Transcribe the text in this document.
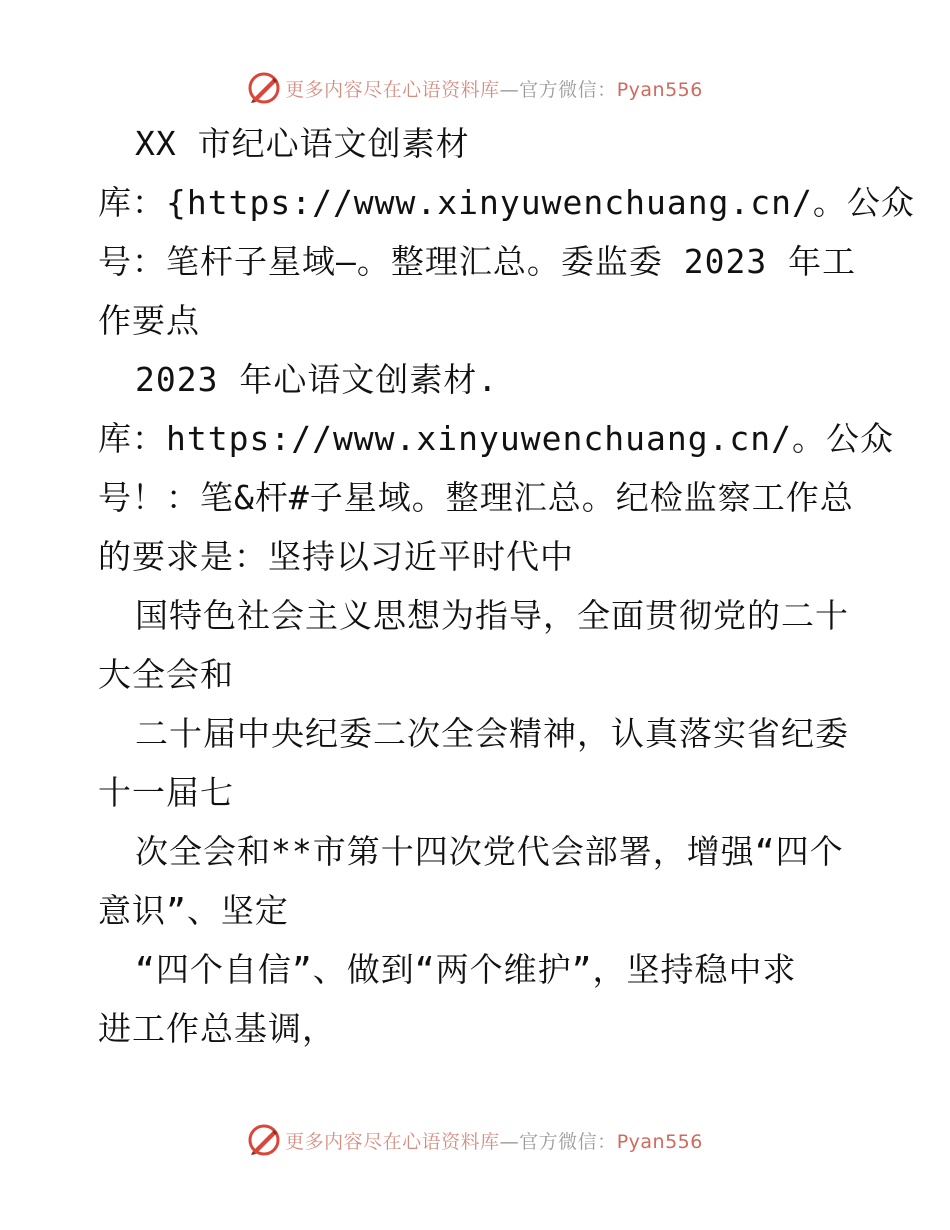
更多内容尽在心语资料库—官方微信：Pyan556
XX 市纪心语文创素材
库：{https://www.xinyuwenchuang.cn/。公众
号：笔杆子星域—。整理汇总。委监委 2023 年工
作要点
2023 年心语文创素材.
库：https://www.xinyuwenchuang.cn/。公众
号！：笔&杆#子星域。整理汇总。纪检监察工作总
的要求是：坚持以习近平时代中
国特色社会主义思想为指导，全面贯彻党的二十
大全会和
二十届中央纪委二次全会精神，认真落实省纪委
十一届七
次全会和**市第十四次党代会部署，增强“四个
意识”、坚定
“四个自信”、做到“两个维护”，坚持稳中求
进工作总基调，
更多内容尽在心语资料库—官方微信：Pyan556
